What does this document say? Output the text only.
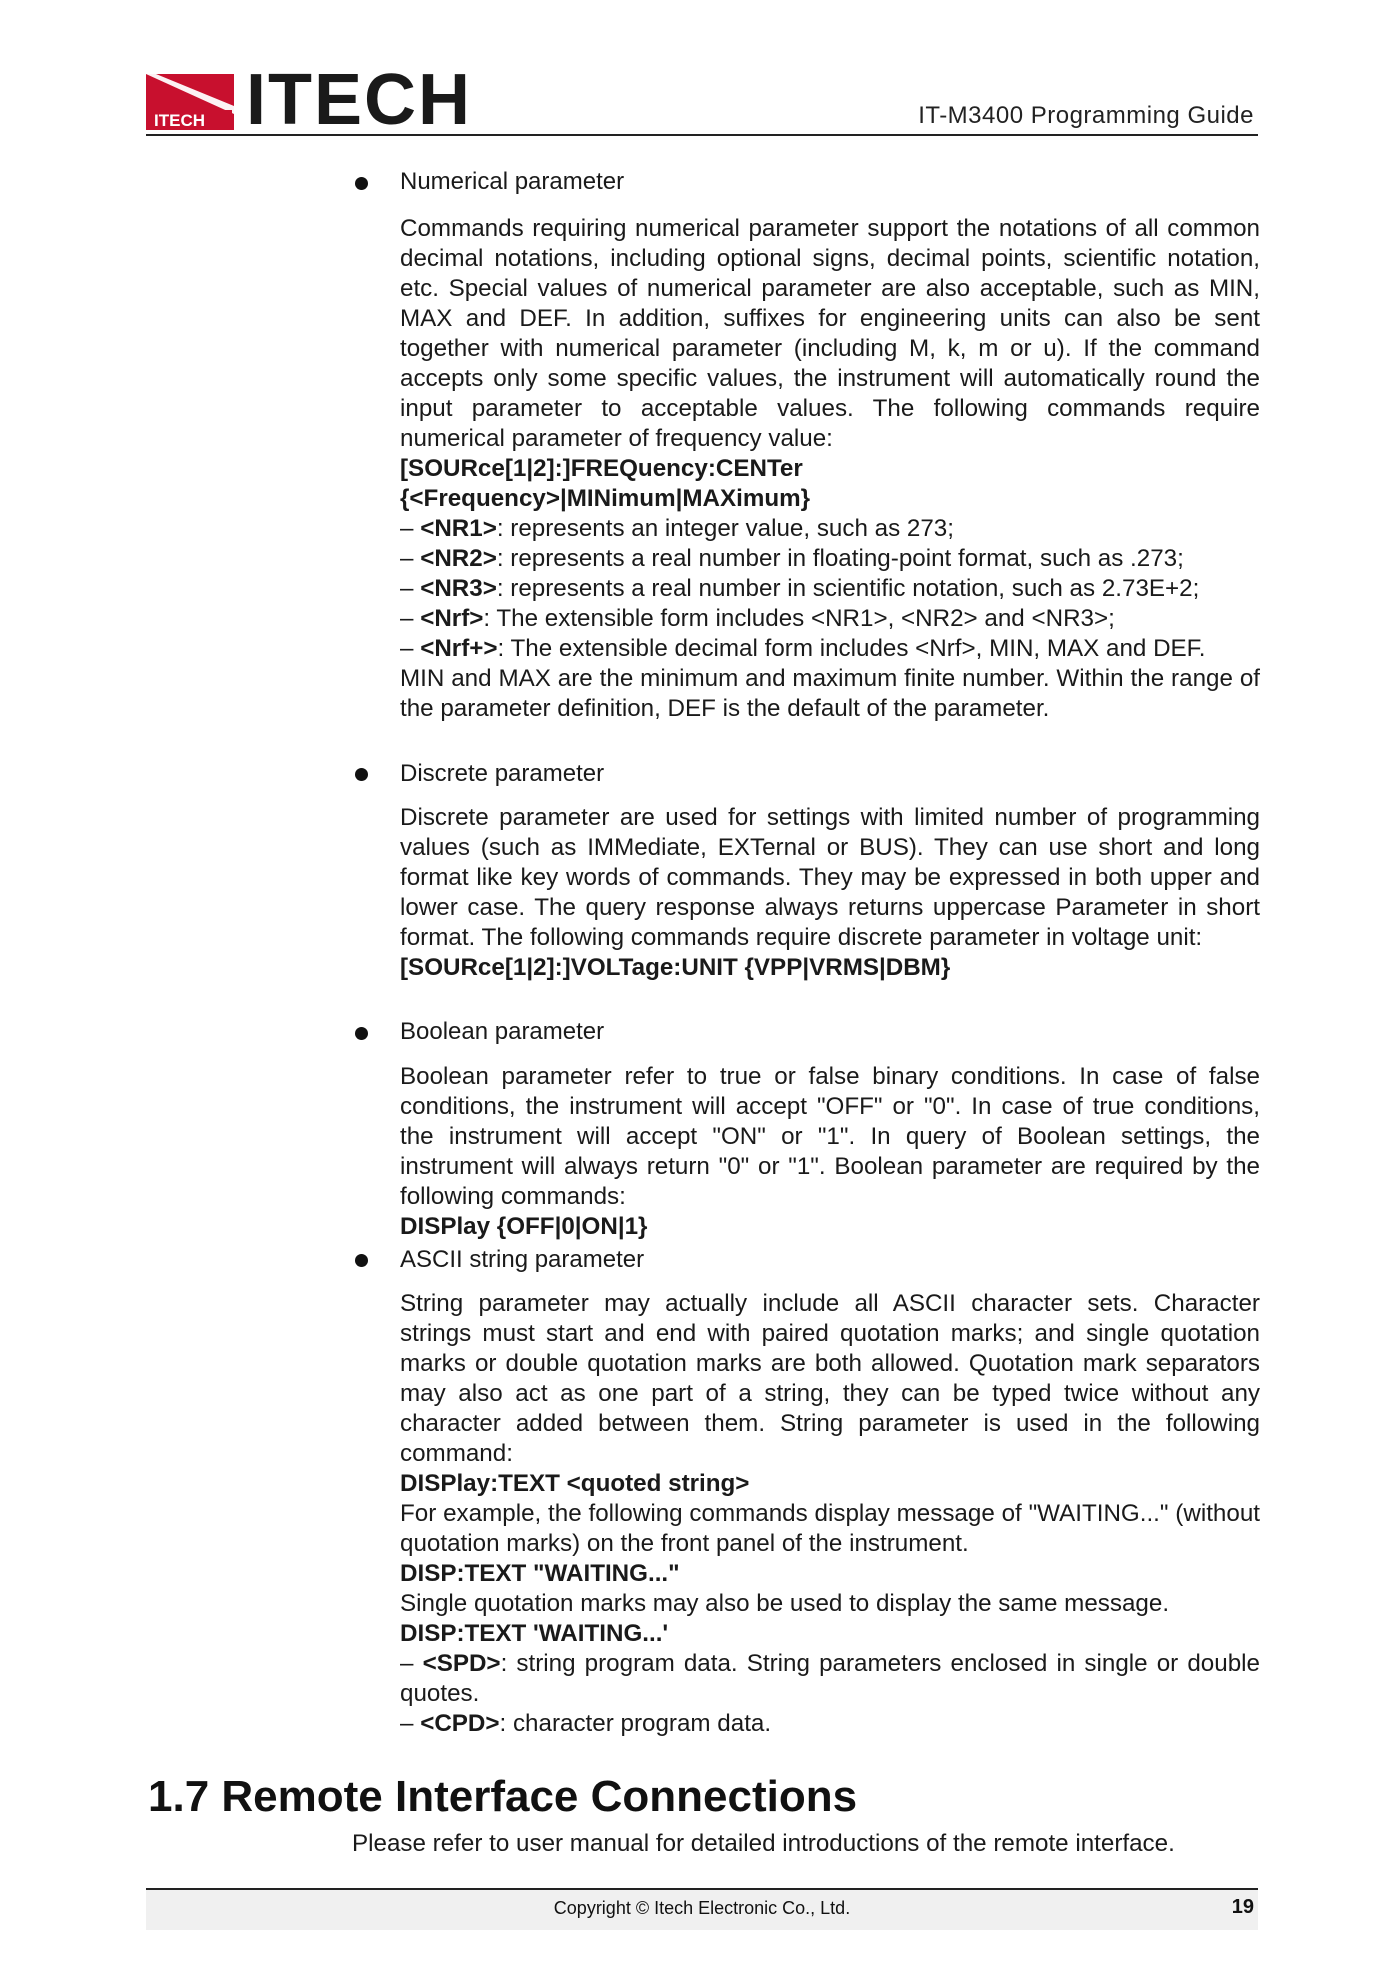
ITECH ITECH	IT-M3400 Programming Guide
Numerical parameter
Commands requiring numerical parameter support the notations of all common decimal notations, including optional signs, decimal points, scientific notation, etc. Special values of numerical parameter are also acceptable, such as MIN, MAX and DEF. In addition, suffixes for engineering units can also be sent together with numerical parameter (including M, k, m or u). If the command accepts only some specific values, the instrument will automatically round the input parameter to acceptable values. The following commands require numerical parameter of frequency value:
[SOURce[1|2]:]FREQuency:CENTer
{<Frequency>|MINimum|MAXimum}
– <NR1>: represents an integer value, such as 273;
– <NR2>: represents a real number in floating-point format, such as .273;
– <NR3>: represents a real number in scientific notation, such as 2.73E+2;
– <Nrf>: The extensible form includes <NR1>, <NR2> and <NR3>;
– <Nrf+>: The extensible decimal form includes <Nrf>, MIN, MAX and DEF.
MIN and MAX are the minimum and maximum finite number. Within the range of the parameter definition, DEF is the default of the parameter.
Discrete parameter
Discrete parameter are used for settings with limited number of programming values (such as IMMediate, EXTernal or BUS). They can use short and long format like key words of commands. They may be expressed in both upper and lower case. The query response always returns uppercase Parameter in short format. The following commands require discrete parameter in voltage unit:
[SOURce[1|2]:]VOLTage:UNIT {VPP|VRMS|DBM}
Boolean parameter
Boolean parameter refer to true or false binary conditions. In case of false conditions, the instrument will accept "OFF" or "0". In case of true conditions, the instrument will accept "ON" or "1". In query of Boolean settings, the instrument will always return "0" or "1". Boolean parameter are required by the following commands:
DISPlay {OFF|0|ON|1}
ASCII string parameter
String parameter may actually include all ASCII character sets. Character strings must start and end with paired quotation marks; and single quotation marks or double quotation marks are both allowed. Quotation mark separators may also act as one part of a string, they can be typed twice without any character added between them. String parameter is used in the following command:
DISPlay:TEXT <quoted string>
For example, the following commands display message of "WAITING..." (without quotation marks) on the front panel of the instrument.
DISP:TEXT "WAITING..."
Single quotation marks may also be used to display the same message.
DISP:TEXT 'WAITING...'
– <SPD>: string program data. String parameters enclosed in single or double quotes.
– <CPD>: character program data.
1.7 Remote Interface Connections
Please refer to user manual for detailed introductions of the remote interface.
Copyright © Itech Electronic Co., Ltd.	19
